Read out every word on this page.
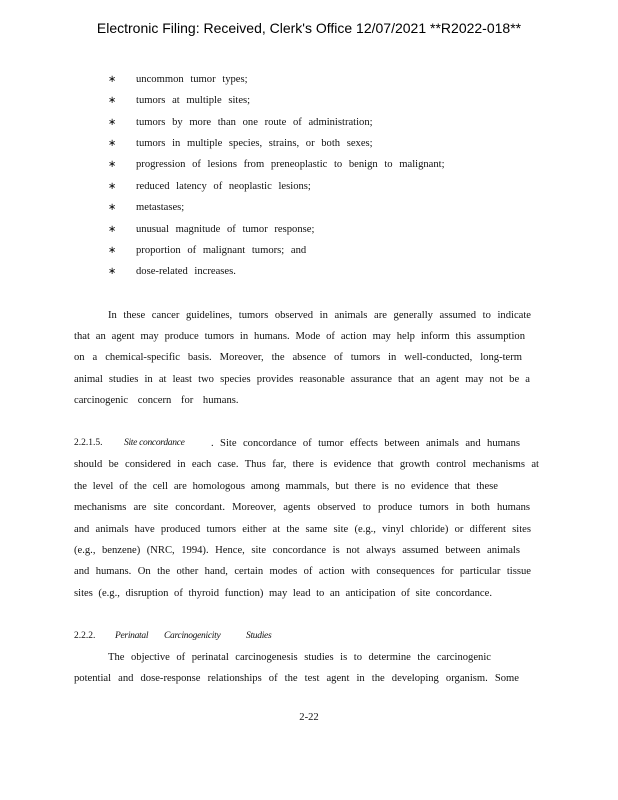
Electronic Filing: Received, Clerk's Office 12/07/2021 **R2022-018**
∗ uncommon tumor types;
∗ tumors at multiple sites;
∗ tumors by more than one route of administration;
∗ tumors in multiple species, strains, or both sexes;
∗ progression of lesions from preneoplastic to benign to malignant;
∗ reduced latency of neoplastic lesions;
∗ metastases;
∗ unusual magnitude of tumor response;
∗ proportion of malignant tumors; and
∗ dose-related increases.
In these cancer guidelines, tumors observed in animals are generally assumed to indicate
that an agent may produce tumors in humans. Mode of action may help inform this assumption
on a chemical-specific basis. Moreover, the absence of tumors in well-conducted, long-term
animal studies in at least two species provides reasonable assurance that an agent may not be a
carcinogenic concern for humans.
2.2.1.5. Site concordance . Site concordance of tumor effects between animals and humans
should be considered in each case. Thus far, there is evidence that growth control mechanisms at
the level of the cell are homologous among mammals, but there is no evidence that these
mechanisms are site concordant. Moreover, agents observed to produce tumors in both humans
and animals have produced tumors either at the same site (e.g., vinyl chloride) or different sites
(e.g., benzene) (NRC, 1994). Hence, site concordance is not always assumed between animals
and humans. On the other hand, certain modes of action with consequences for particular tissue
sites (e.g., disruption of thyroid function) may lead to an anticipation of site concordance.
2.2.2. Perinatal Carcinogenicity	Studies
The objective of perinatal carcinogenesis studies is to determine the carcinogenic
potential and dose-response relationships of the test agent in the developing organism. Some
2-22
